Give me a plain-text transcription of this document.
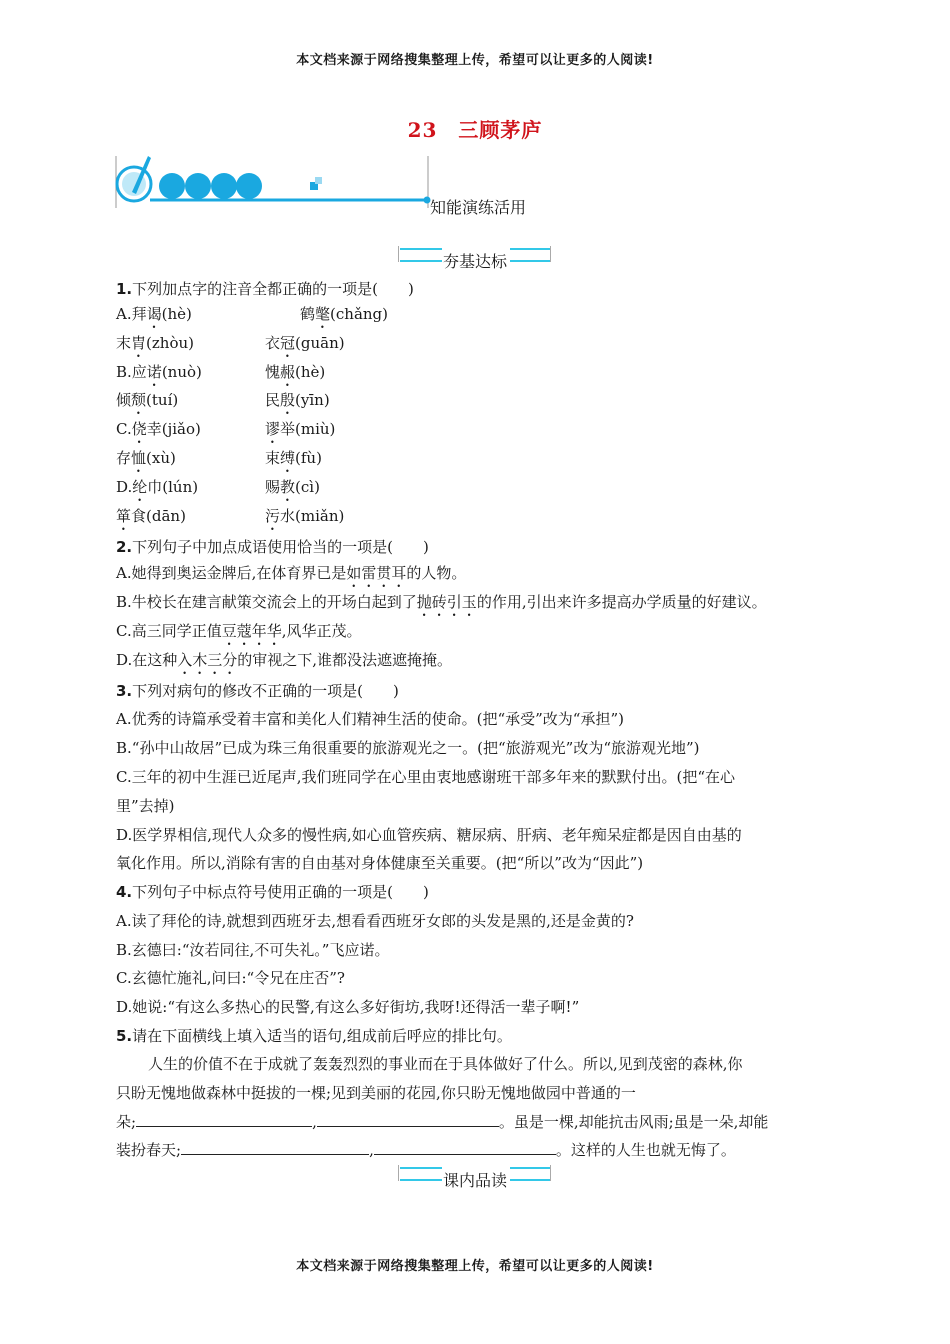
本文档来源于网络搜集整理上传，希望可以让更多的人阅读!
23　三顾茅庐
知能演练活用
夯基达标
1.下列加点字的注音全都正确的一项是(　　)
A.拜谒(hè)	鹤氅(chǎng)
末胄(zhòu)	衣冠(guān)
B.应诺(nuò)	愧赧(hè)
倾颓(tuí)	民殷(yīn)
C.侥幸(jiǎo)	谬举(miù)
存恤(xù)	束缚(fù)
D.纶巾(lún)	赐教(cì)
箪食(dān)	污水(miǎn)
2.下列句子中加点成语使用恰当的一项是(　　)
A.她得到奥运金牌后,在体育界已是如雷贯耳的人物。
B.牛校长在建言献策交流会上的开场白起到了抛砖引玉的作用,引出来许多提高办学质量的好建议。
C.高三同学正值豆蔻年华,风华正茂。
D.在这种入木三分的审视之下,谁都没法遮遮掩掩。
3.下列对病句的修改不正确的一项是(　　)
A.优秀的诗篇承受着丰富和美化人们精神生活的使命。(把“承受”改为“承担”)
B.“孙中山故居”已成为珠三角很重要的旅游观光之一。(把“旅游观光”改为“旅游观光地”)
C.三年的初中生涯已近尾声,我们班同学在心里由衷地感谢班干部多年来的默默付出。(把“在心
里”去掉)
D.医学界相信,现代人众多的慢性病,如心血管疾病、糖尿病、肝病、老年痴呆症都是因自由基的
氧化作用。所以,消除有害的自由基对身体健康至关重要。(把“所以”改为“因此”)
4.下列句子中标点符号使用正确的一项是(　　)
A.读了拜伦的诗,就想到西班牙去,想看看西班牙女郎的头发是黑的,还是金黄的?
B.玄德曰:“汝若同往,不可失礼。”飞应诺。
C.玄德忙施礼,问曰:“令兄在庄否”?
D.她说:“有这么多热心的民警,有这么多好街坊,我呀!还得活一辈子啊!”
5.请在下面横线上填入适当的语句,组成前后呼应的排比句。
人生的价值不在于成就了轰轰烈烈的事业而在于具体做好了什么。所以,见到茂密的森林,你
只盼无愧地做森林中挺拔的一棵;见到美丽的花园,你只盼无愧地做园中普通的一
朵;	,	。虽是一棵,却能抗击风雨;虽是一朵,却能
装扮春天;	,	。这样的人生也就无悔了。
课内品读
本文档来源于网络搜集整理上传，希望可以让更多的人阅读!
